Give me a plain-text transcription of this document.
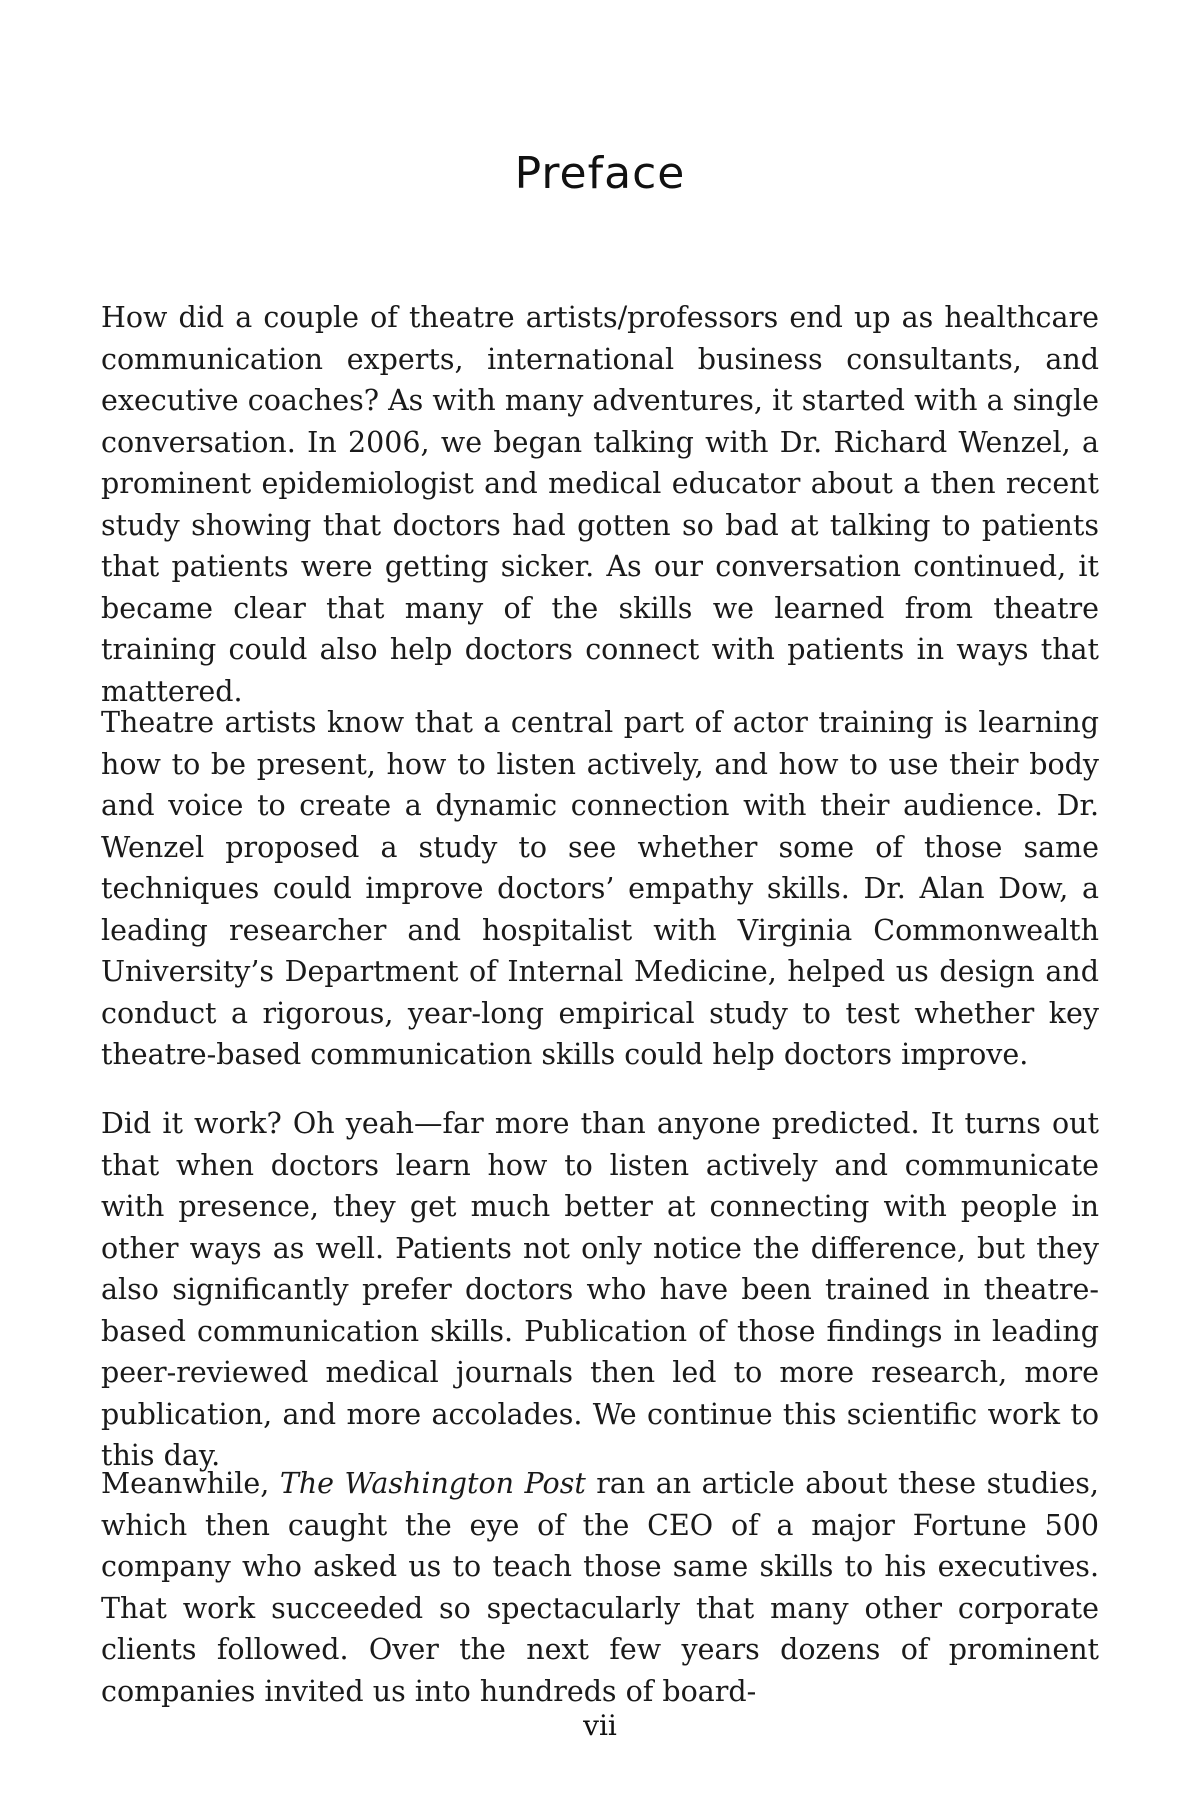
Preface

How did a couple of theatre artists/professors end up as healthcare communication experts, international business consultants, and executive coaches? As with many adventures, it started with a single conversation. In 2006, we began talking with Dr. Richard Wenzel, a prominent epidemiologist and medical educator about a then recent study showing that doctors had gotten so bad at talking to patients that patients were getting sicker. As our conversation continued, it became clear that many of the skills we learned from theatre training could also help doctors connect with patients in ways that mattered.

Theatre artists know that a central part of actor training is learning how to be present, how to listen actively, and how to use their body and voice to create a dynamic connection with their audience. Dr. Wenzel proposed a study to see whether some of those same techniques could improve doctors’ empathy skills. Dr. Alan Dow, a leading researcher and hospitalist with Virginia Commonwealth University’s Department of Internal Medicine, helped us design and conduct a rigorous, year-long empirical study to test whether key theatre-based communication skills could help doctors improve.

Did it work? Oh yeah—far more than anyone predicted. It turns out that when doctors learn how to listen actively and communicate with presence, they get much better at connecting with people in other ways as well. Patients not only notice the difference, but they also significantly prefer doctors who have been trained in theatre-based communication skills. Publication of those findings in leading peer-reviewed medical journals then led to more research, more publication, and more accolades. We continue this scientific work to this day.

Meanwhile, The Washington Post ran an article about these studies, which then caught the eye of the CEO of a major Fortune 500 company who asked us to teach those same skills to his executives. That work succeeded so spectacularly that many other corporate clients followed. Over the next few years dozens of prominent companies invited us into hundreds of board-

vii
